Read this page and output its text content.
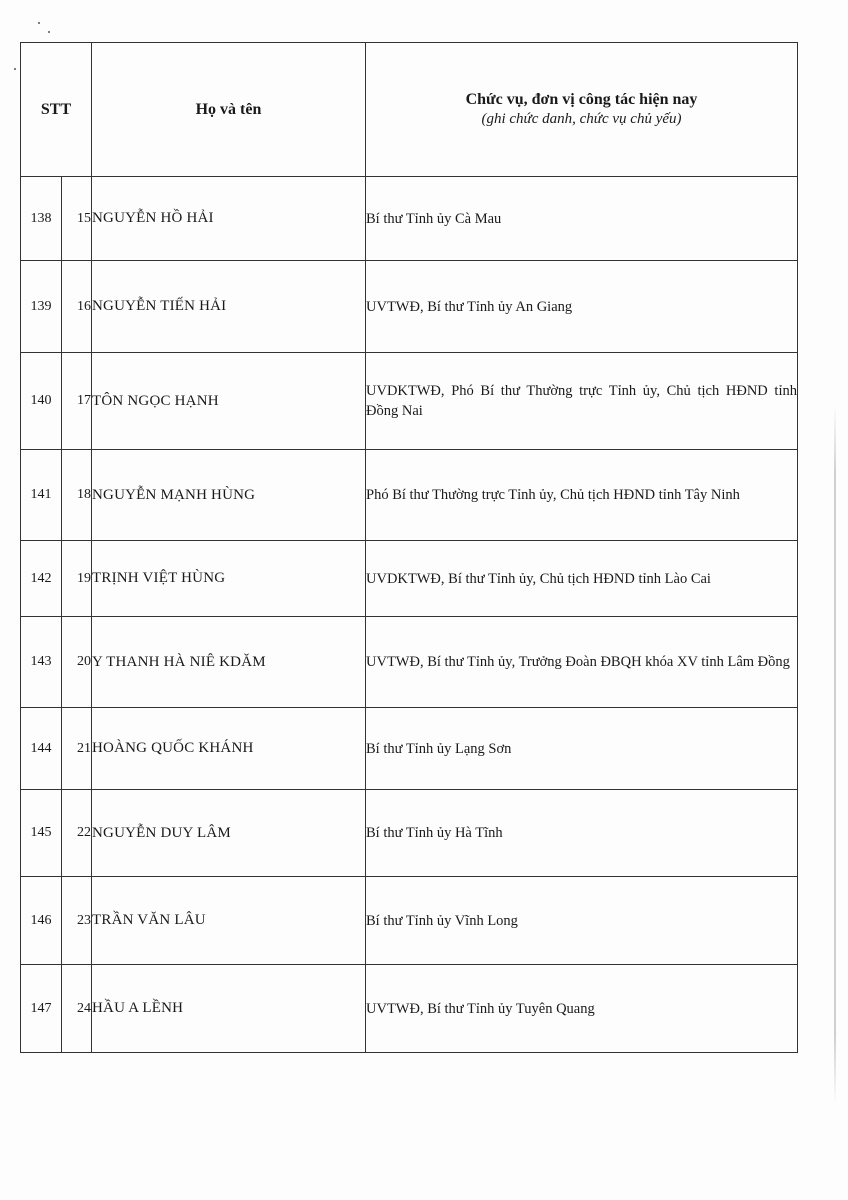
STT		Họ và tên	Chức vụ, đơn vị công tác hiện nay
(ghi chức danh, chức vụ chủ yếu)

138	15	NGUYỄN HỒ HẢI	Bí thư Tỉnh ủy Cà Mau
139	16	NGUYỄN TIẾN HẢI	UVTWĐ, Bí thư Tỉnh ủy An Giang
140	17	TÔN NGỌC HẠNH	UVDKTWĐ, Phó Bí thư Thường trực Tỉnh ủy, Chủ tịch HĐND tỉnh Đồng Nai
141	18	NGUYỄN MẠNH HÙNG	Phó Bí thư Thường trực Tỉnh ủy, Chủ tịch HĐND tỉnh Tây Ninh
142	19	TRỊNH VIỆT HÙNG	UVDKTWĐ, Bí thư Tỉnh ủy, Chủ tịch HĐND tỉnh Lào Cai
143	20	Y THANH HÀ NIÊ KDĂM	UVTWĐ, Bí thư Tỉnh ủy, Trưởng Đoàn ĐBQH khóa XV tỉnh Lâm Đồng
144	21	HOÀNG QUỐC KHÁNH	Bí thư Tỉnh ủy Lạng Sơn
145	22	NGUYỄN DUY LÂM	Bí thư Tỉnh ủy Hà Tĩnh
146	23	TRẦN VĂN LÂU	Bí thư Tỉnh ủy Vĩnh Long
147	24	HẦU A LỀNH	UVTWĐ, Bí thư Tỉnh ủy Tuyên Quang
